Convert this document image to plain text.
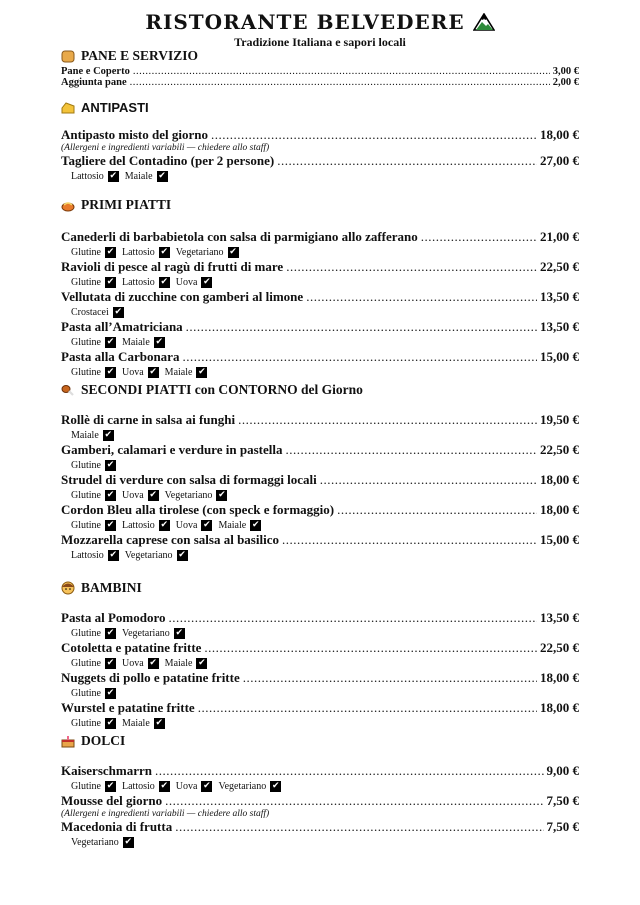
RISTORANTE BELVEDERE
Tradizione Italiana e sapori locali
PANE E SERVIZIO
Pane e Coperto .....	3,00 €
Aggiunta pane .....	2,00 €
ANTIPASTI
Antipasto misto del giorno .....	18,00 €
(Allergeni e ingredienti variabili — chiedere allo staff)
Tagliere del Contadino (per 2 persone) .....	27,00 €
Lattosio ✔ Maiale ✔
PRIMI PIATTI
Canederli di barbabietola con salsa di parmigiano allo zafferano .....	21,00 €
Glutine ✔ Lattosio ✔ Vegetariano ✔
Ravioli di pesce al ragù di frutti di mare .....	22,50 €
Glutine ✔ Lattosio ✔ Uova ✔
Vellutata di zucchine con gamberi al limone .....	13,50 €
Crostacei ✔
Pasta all’Amatriciana .....	13,50 €
Glutine ✔ Maiale ✔
Pasta alla Carbonara .....	15,00 €
Glutine ✔ Uova ✔ Maiale ✔
SECONDI PIATTI con CONTORNO del Giorno
Rollè di carne in salsa ai funghi .....	19,50 €
Maiale ✔
Gamberi, calamari e verdure in pastella .....	22,50 €
Glutine ✔
Strudel di verdure con salsa di formaggi locali .....	18,00 €
Glutine ✔ Uova ✔ Vegetariano ✔
Cordon Bleu alla tirolese (con speck e formaggio) .....	18,00 €
Glutine ✔ Lattosio ✔ Uova ✔ Maiale ✔
Mozzarella caprese con salsa al basilico .....	15,00 €
Lattosio ✔ Vegetariano ✔
BAMBINI
Pasta al Pomodoro .....	13,50 €
Glutine ✔ Vegetariano ✔
Cotoletta e patatine fritte .....	22,50 €
Glutine ✔ Uova ✔ Maiale ✔
Nuggets di pollo e patatine fritte .....	18,00 €
Glutine ✔
Wurstel e patatine fritte .....	18,00 €
Glutine ✔ Maiale ✔
DOLCI
Kaiserschmarrn .....	9,00 €
Glutine ✔ Lattosio ✔ Uova ✔ Vegetariano ✔
Mousse del giorno .....	7,50 €
(Allergeni e ingredienti variabili — chiedere allo staff)
Macedonia di frutta .....	7,50 €
Vegetariano ✔
